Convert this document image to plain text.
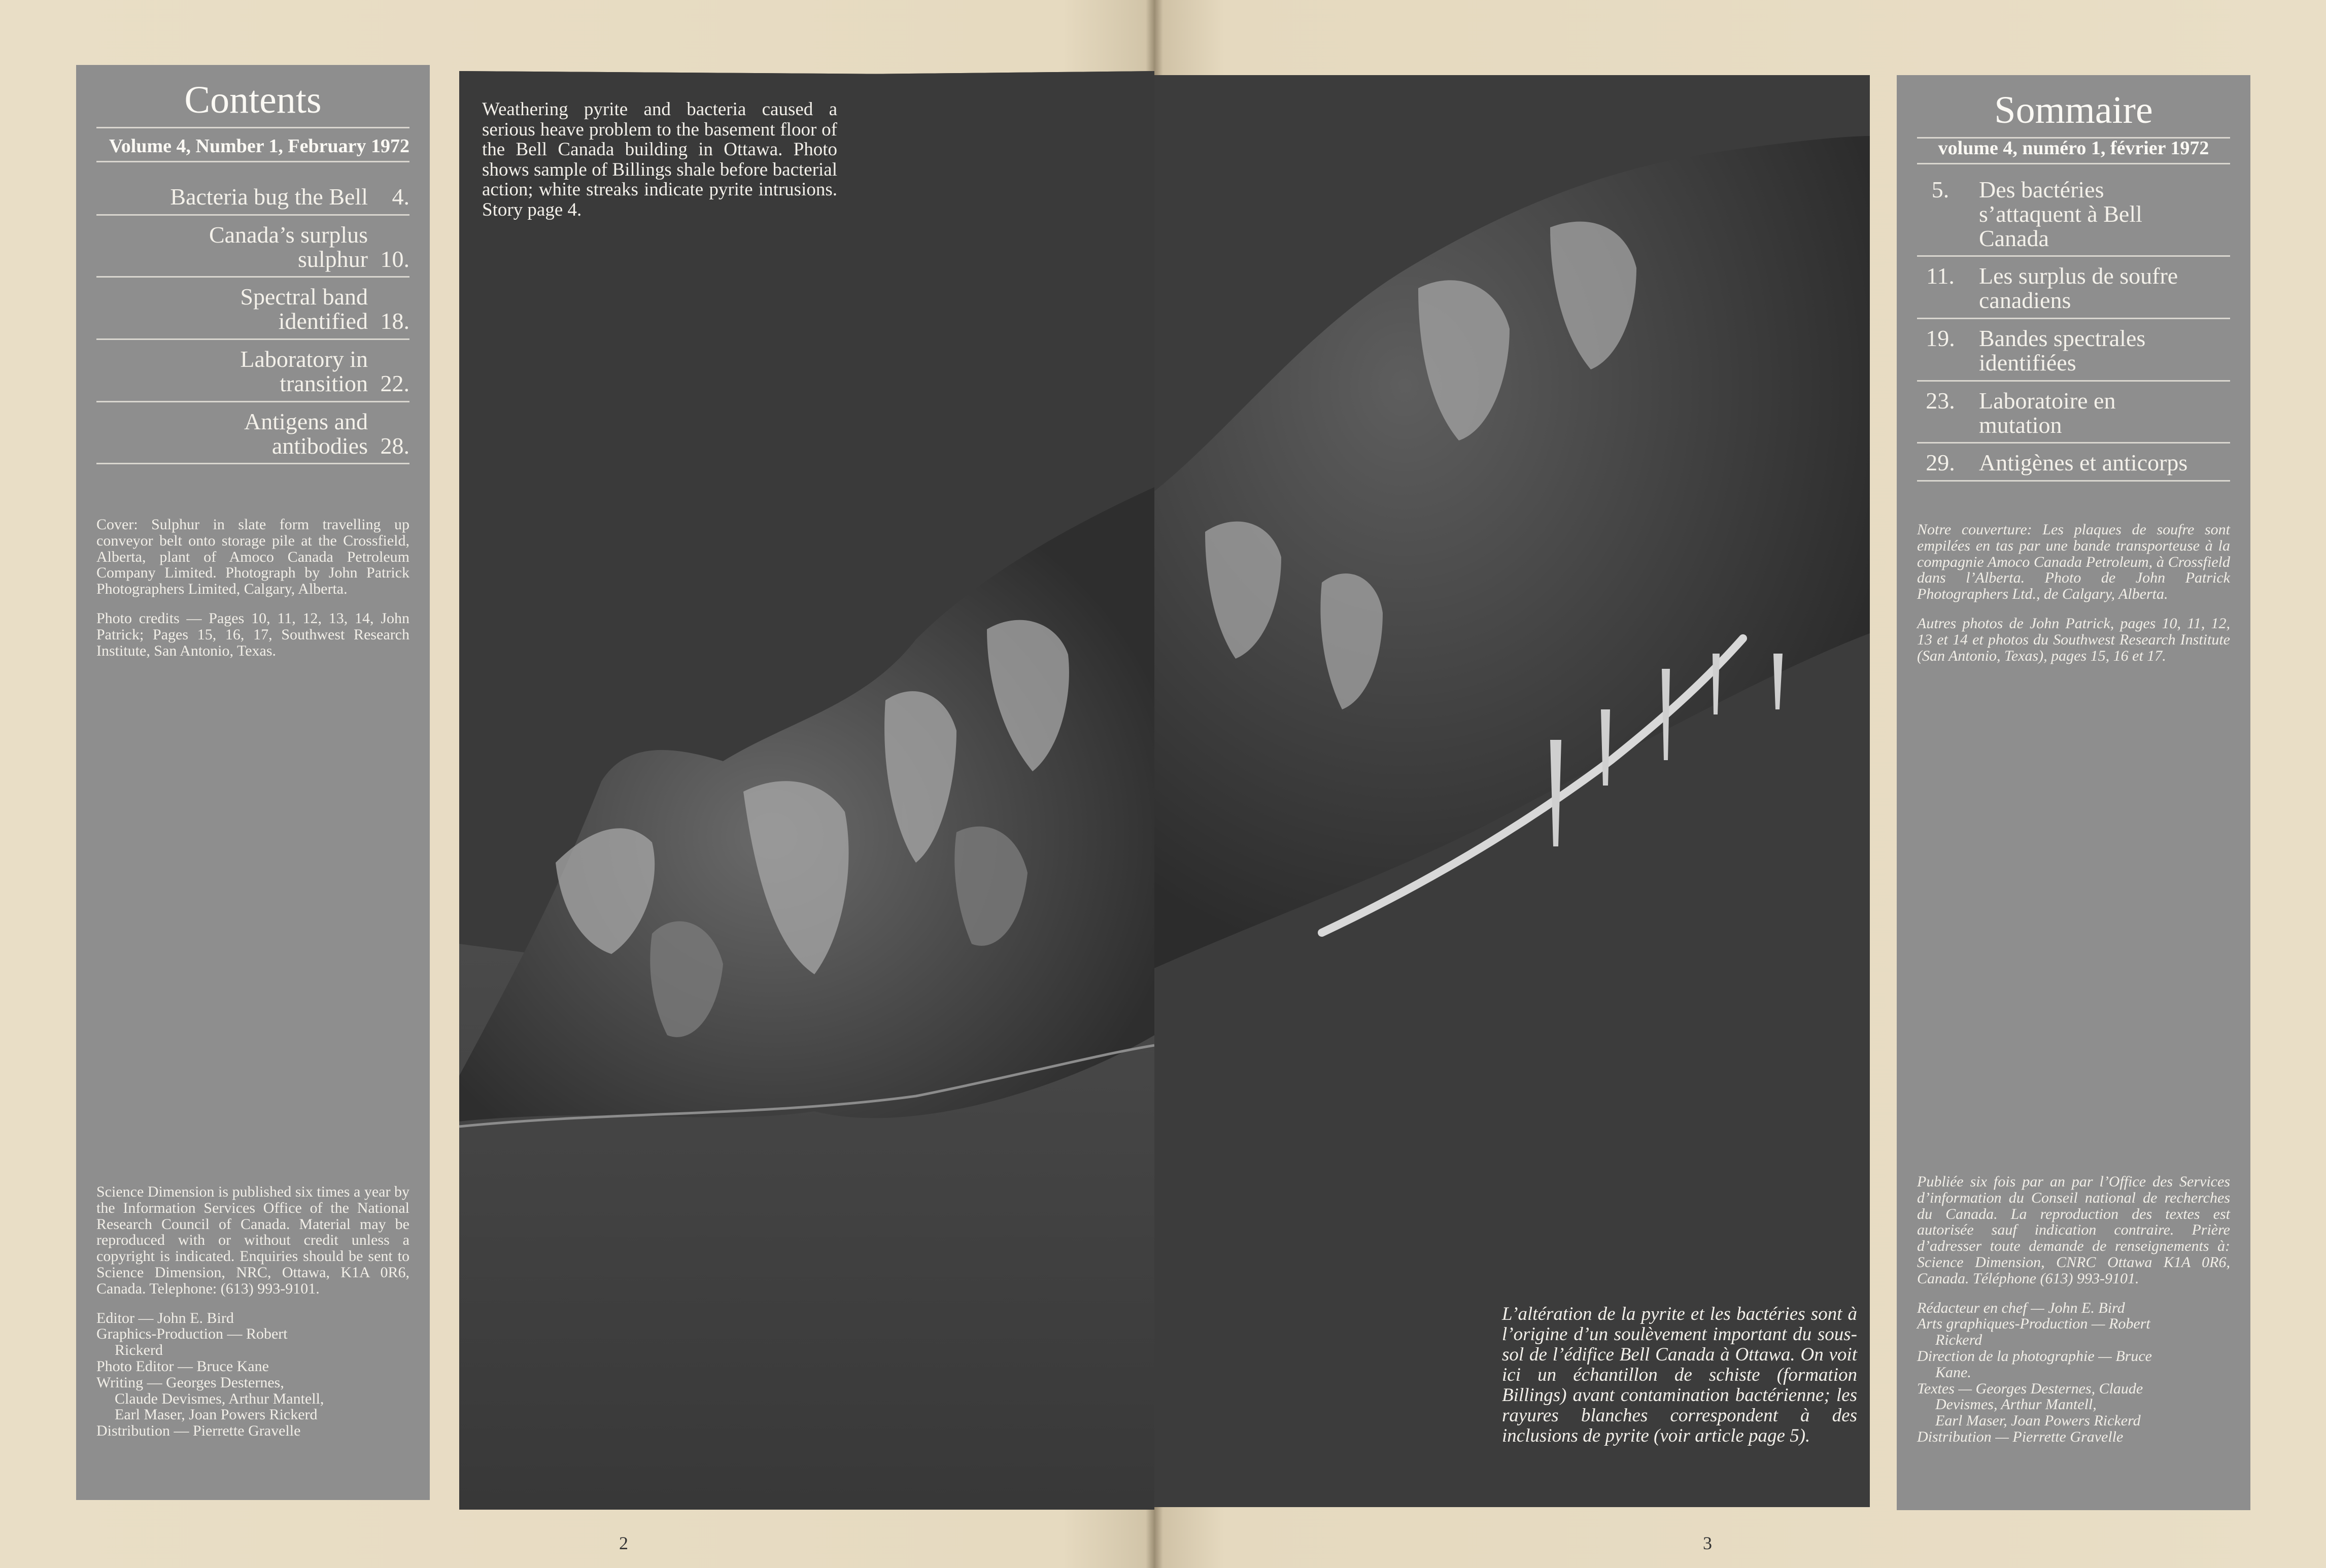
Contents
Volume 4, Number 1, February 1972
Bacteria bug the Bell	4.
Canada’s surplus sulphur 10.
Spectral band identified 18.
Laboratory in transition 22.
Antigens and antibodies 28.

Cover: Sulphur in slate form travelling up conveyor belt onto storage pile at the Crossfield, Alberta, plant of Amoco Canada Petroleum Company Limited. Photograph by John Patrick Photographers Limited, Calgary, Alberta.

Photo credits — Pages 10, 11, 12, 13, 14, John Patrick; Pages 15, 16, 17, Southwest Research Institute, San Antonio, Texas.

Science Dimension is published six times a year by the Information Services Office of the National Research Council of Canada. Material may be reproduced with or without credit unless a copyright is indicated. Enquiries should be sent to Science Dimension, NRC, Ottawa, K1A 0R6, Canada. Telephone: (613) 993-9101.

Editor — John E. Bird

Graphics-Production — Robert

Rickerd

Photo Editor — Bruce Kane

Writing — Georges Desternes,

Claude Devismes, Arthur Mantell,

Earl Maser, Joan Powers Rickerd

Distribution — Pierrette Gravelle

Sommaire
volume 4, numéro 1, février 1972
5.	Des bactéries s’attaquent à Bell Canada
11.	Les surplus de soufre canadiens
19.	Bandes spectrales identifiées
23.	Laboratoire en mutation
29.	Antigènes et anticorps

Notre couverture: Les plaques de soufre sont empilées en tas par une bande transporteuse à la compagnie Amoco Canada Petroleum, à Crossfield dans l’Alberta. Photo de John Patrick Photographers Ltd., de Calgary, Alberta.

Autres photos de John Patrick, pages 10, 11, 12, 13 et 14 et photos du Southwest Research Institute (San Antonio, Texas), pages 15, 16 et 17.

Publiée six fois par an par l’Office des Services d’information du Conseil national de recherches du Canada. La reproduction des textes est autorisée sauf indication contraire. Prière d’adresser toute demande de renseignements à: Science Dimension, CNRC Ottawa K1A 0R6, Canada. Téléphone (613) 993-9101.

Rédacteur en chef — John E. Bird

Arts graphiques-Production — Robert

Rickerd

Direction de la photographie — Bruce

Kane.

Textes — Georges Desternes, Claude

Devismes, Arthur Mantell,

Earl Maser, Joan Powers Rickerd

Distribution — Pierrette Gravelle

Weathering pyrite and bacteria caused a serious heave problem to the basement floor of the Bell Canada building in Ottawa. Photo shows sample of Billings shale before bacterial action; white streaks indicate pyrite intrusions. Story page 4.
L’altération de la pyrite et les bactéries sont à l’origine d’un soulèvement important du sous-sol de l’édifice Bell Canada à Ottawa. On voit ici un échantillon de schiste (formation Billings) avant contamination bactérienne; les rayures blanches correspondent à des inclusions de pyrite (voir article page 5).
2	3
